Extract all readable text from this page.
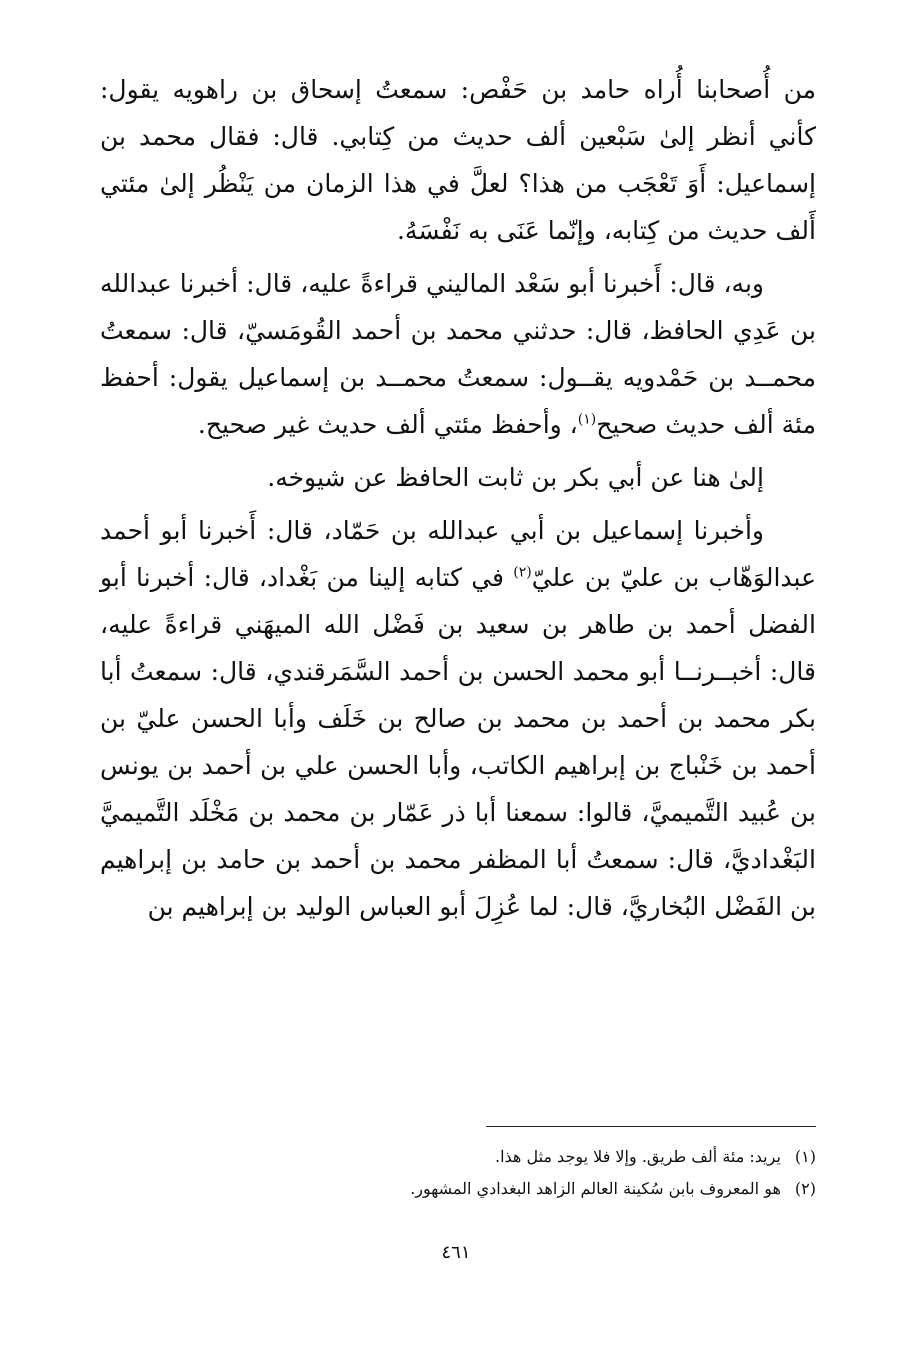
من أُصحابنا أُراه حامد بن حَفْص: سمعتُ إسحاق بن راهويه يقول: كأني أنظر إلىٰ سَبْعين ألف حديث من كِتابي. قال: فقال محمد بن إسماعيل: أَوَ تَعْجَب من هذا؟ لعلَّ في هذا الزمان من يَنْظُر إلىٰ مئتي أَلف حديث من كِتابه، وإنّما عَنَى به نَفْسَهُ.

وبه، قال: أَخبرنا أبو سَعْد الماليني قراءةً عليه، قال: أخبرنا عبدالله بن عَدِي الحافظ، قال: حدثني محمد بن أحمد القُومَسيّ، قال: سمعتُ محمــد بن حَمْدويه يقــول: سمعتُ محمــد بن إسماعيل يقول: أحفظ مئة ألف حديث صحيح$^{(١)}$، وأحفظ مئتي ألف حديث غير صحيح.

إلىٰ هنا عن أبي بكر بن ثابت الحافظ عن شيوخه.

وأخبرنا إسماعيل بن أبي عبدالله بن حَمّاد، قال: أَخبرنا أبو أحمد عبدالوَهّاب بن عليّ بن عليّ$^{(٢)}$ في كتابه إلينا من بَغْداد، قال: أخبرنا أبو الفضل أحمد بن طاهر بن سعيد بن فَضْل الله الميهَني قراءةً عليه، قال: أخبــرنــا أبو محمد الحسن بن أحمد السَّمَرقندي، قال: سمعتُ أبا بكر محمد بن أحمد بن محمد بن صالح بن خَلَف وأبا الحسن عليّ بن أحمد بن خَنْباج بن إبراهيم الكاتب، وأبا الحسن علي بن أحمد بن يونس بن عُبيد التَّميميَّ، قالوا: سمعنا أبا ذر عَمّار بن محمد بن مَخْلَد التَّميميَّ البَغْداديَّ، قال: سمعتُ أبا المظفر محمد بن أحمد بن حامد بن إبراهيم بن الفَضْل البُخاريَّ، قال: لما عُزِلَ أبو العباس الوليد بن إبراهيم بن

(١)يريد: مئة ألف طريق. وإلا فلا يوجد مثل هذا.
(٢)هو المعروف بابن سُكينة العالم الزاهد البغدادي المشهور.
٤٦١
